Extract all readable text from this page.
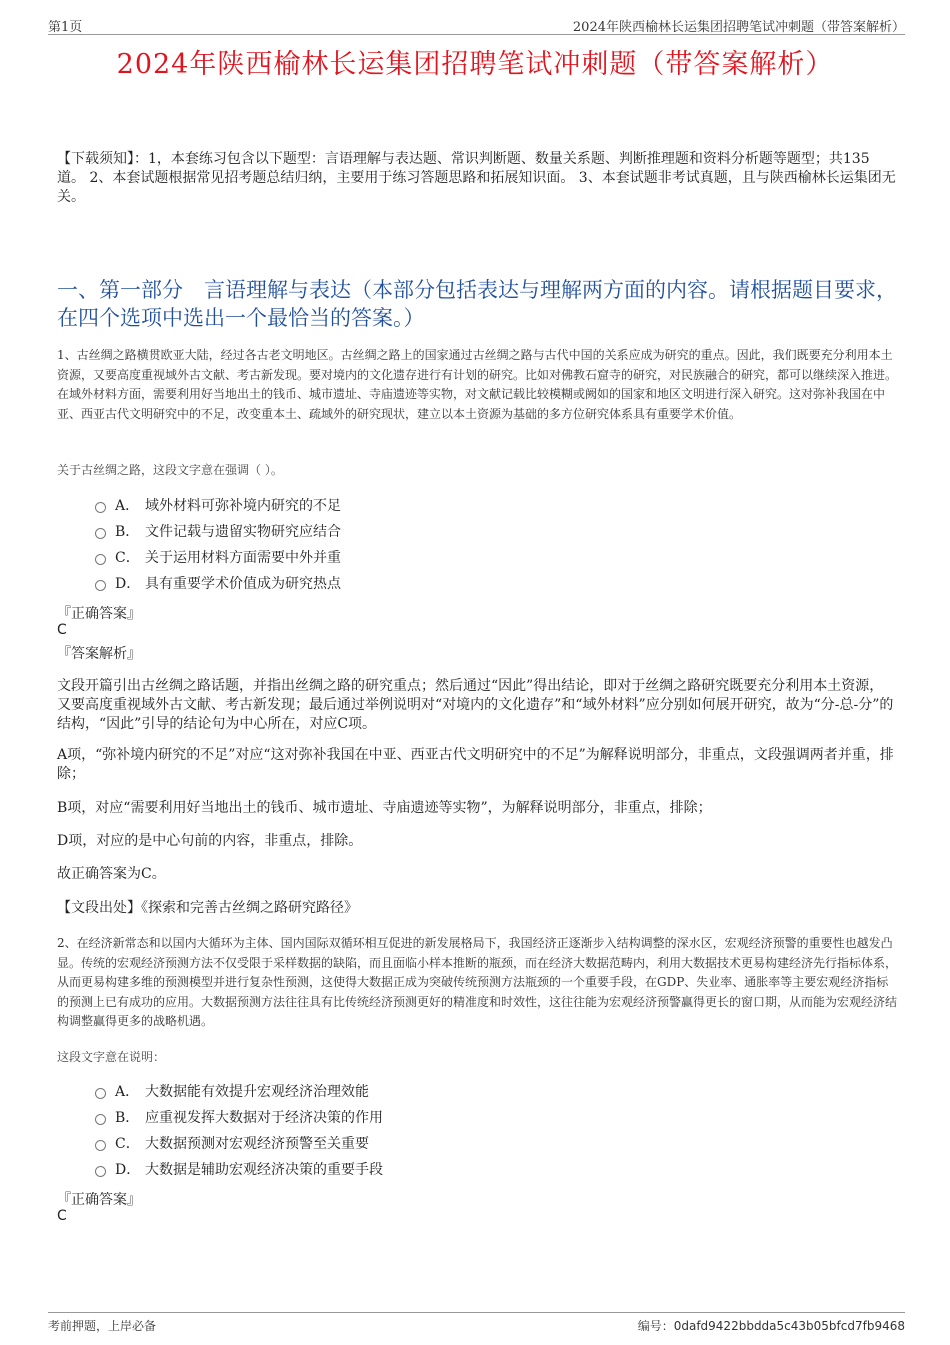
第1页	2024年陕西榆林长运集团招聘笔试冲刺题（带答案解析）
2024年陕西榆林长运集团招聘笔试冲刺题（带答案解析）
【下载须知】：1，本套练习包含以下题型：言语理解与表达题、常识判断题、数量关系题、判断推理题和资料分析题等题型；共135道。 2、本套试题根据常见招考题总结归纳，主要用于练习答题思路和拓展知识面。 3、本套试题非考试真题，且与陕西榆林长运集团无关。
一、第一部分　言语理解与表达（本部分包括表达与理解两方面的内容。请根据题目要求，在四个选项中选出一个最恰当的答案。）
1、古丝绸之路横贯欧亚大陆，经过各古老文明地区。古丝绸之路上的国家通过古丝绸之路与古代中国的关系应成为研究的重点。因此，我们既要充分利用本土资源，又要高度重视域外古文献、考古新发现。要对境内的文化遗存进行有计划的研究。比如对佛教石窟寺的研究，对民族融合的研究，都可以继续深入推进。在域外材料方面，需要利用好当地出土的钱币、城市遗址、寺庙遗迹等实物，对文献记载比较模糊或阙如的国家和地区文明进行深入研究。这对弥补我国在中亚、西亚古代文明研究中的不足，改变重本土、疏域外的研究现状，建立以本土资源为基础的多方位研究体系具有重要学术价值。
关于古丝绸之路，这段文字意在强调（ ）。
A． 域外材料可弥补境内研究的不足
B． 文件记载与遗留实物研究应结合
C． 关于运用材料方面需要中外并重
D． 具有重要学术价值成为研究热点
『正确答案』
C
『答案解析』
文段开篇引出古丝绸之路话题，并指出丝绸之路的研究重点；然后通过“因此”得出结论，即对于丝绸之路研究既要充分利用本土资源，又要高度重视域外古文献、考古新发现；最后通过举例说明对“对境内的文化遗存”和“域外材料”应分别如何展开研究，故为“分-总-分”的结构，“因此”引导的结论句为中心所在，对应C项。
A项，“弥补境内研究的不足”对应“这对弥补我国在中亚、西亚古代文明研究中的不足”为解释说明部分，非重点，文段强调两者并重，排除；
B项，对应“需要利用好当地出土的钱币、城市遗址、寺庙遗迹等实物”，为解释说明部分，非重点，排除；
D项，对应的是中心句前的内容，非重点，排除。
故正确答案为C。
【文段出处】《探索和完善古丝绸之路研究路径》
2、在经济新常态和以国内大循环为主体、国内国际双循环相互促进的新发展格局下，我国经济正逐渐步入结构调整的深水区，宏观经济预警的重要性也越发凸显。传统的宏观经济预测方法不仅受限于采样数据的缺陷，而且面临小样本推断的瓶颈，而在经济大数据范畴内，利用大数据技术更易构建经济先行指标体系，从而更易构建多维的预测模型并进行复杂性预测，这使得大数据正成为突破传统预测方法瓶颈的一个重要手段，在GDP、失业率、通胀率等主要宏观经济指标的预测上已有成功的应用。大数据预测方法往往具有比传统经济预测更好的精准度和时效性，这往往能为宏观经济预警赢得更长的窗口期，从而能为宏观经济结构调整赢得更多的战略机遇。
这段文字意在说明：
A． 大数据能有效提升宏观经济治理效能
B． 应重视发挥大数据对于经济决策的作用
C． 大数据预测对宏观经济预警至关重要
D． 大数据是辅助宏观经济决策的重要手段
『正确答案』
C
考前押题，上岸必备	编号：0dafd9422bbdda5c43b05bfcd7fb9468
